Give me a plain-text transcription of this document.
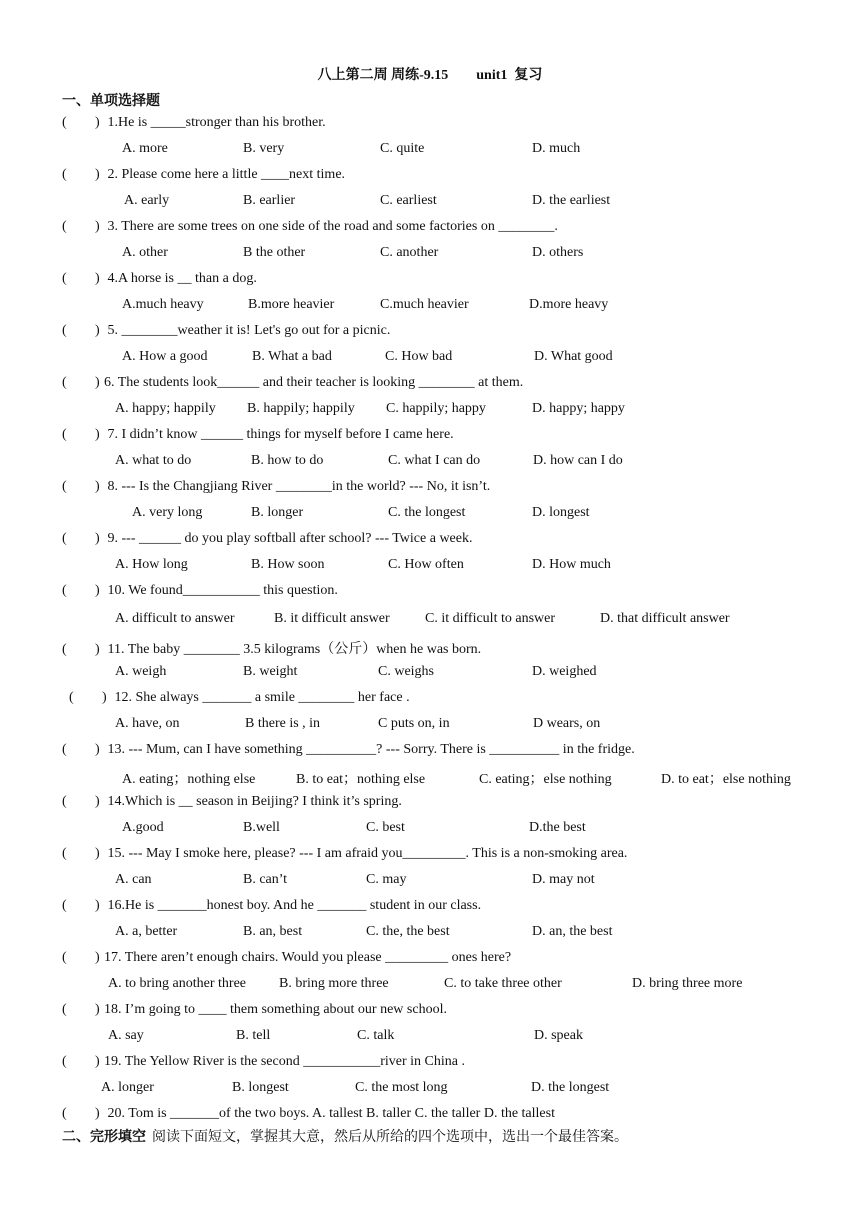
八上第二周 周练-9.15        unit1  复习
一、单项选择题
( ) 1.He is _____stronger than his brother.
A. more	B. very	C. quite	D. much
( ) 2. Please come here a little ____next time.
A. early	B. earlier	C. earliest	D. the earliest
( ) 3. There are some trees on one side of the road and some factories on ________.
A. other	B the other	C. another	D. others
( ) 4.A horse is __ than a dog.
A.much heavy	B.more heavier	C.much heavier	D.more heavy
( ) 5. ________weather it is! Let's go out for a picnic.
A. How a good	B. What a bad	C. How bad	D. What good
( ) 6. The students look______ and their teacher is looking ________ at them.
A. happy; happily B. happily; happily C. happily; happy	D. happy; happy
( ) 7. I didn’t know ______ things for myself before I came here.
A. what to do	B. how to do	C. what I can do	D. how can I do
( ) 8. --- Is the Changjiang River ________in the world? --- No, it isn’t.
A. very long	B. longer	C. the longest	D. longest
( ) 9. --- ______ do you play softball after school? --- Twice a week.
A. How long	B. How soon	C. How often	D. How much
( ) 10. We found___________ this question.
A. difficult to answer	B. it difficult answer	C. it difficult to answer	D. that difficult answer
( ) 11. The baby ________ 3.5 kilograms（公斤）when he was born.
A. weigh	B. weight	C. weighs	D. weighed
( ) 12. She always _______ a smile ________ her face .
A. have, on	B there is , in	C puts on, in	D wears, on
( ) 13. --- Mum, can I have something __________? --- Sorry. There is __________ in the fridge.
A. eating；nothing else	B. to eat；nothing else	C. eating；else nothing	D. to eat；else nothing
( ) 14.Which is __ season in Beijing? I think it’s spring.
A.good	B.well	C. best	D.the best
( ) 15. --- May I smoke here, please? --- I am afraid you_________. This is a non-smoking area.
A. can	B. can’t	C. may	D. may not
( ) 16.He is _______honest boy. And he _______ student in our class.
A. a, better	B. an, best	C. the, the best	D. an, the best
( ) 17. There aren’t enough chairs. Would you please _________ ones here?
A. to bring another three B. bring more three	C. to take three other	D. bring three more
( ) 18. I’m going to ____ them something about our new school.
A. say	B. tell	C. talk	D. speak
( ) 19. The Yellow River is the second ___________river in China .
A. longer	B. longest	C. the most long	D. the longest
( ) 20. Tom is _______of the two boys. A. tallest B. taller C. the taller D. the tallest
二、完形填空 阅读下面短文，掌握其大意，然后从所给的四个选项中，选出一个最佳答案。
